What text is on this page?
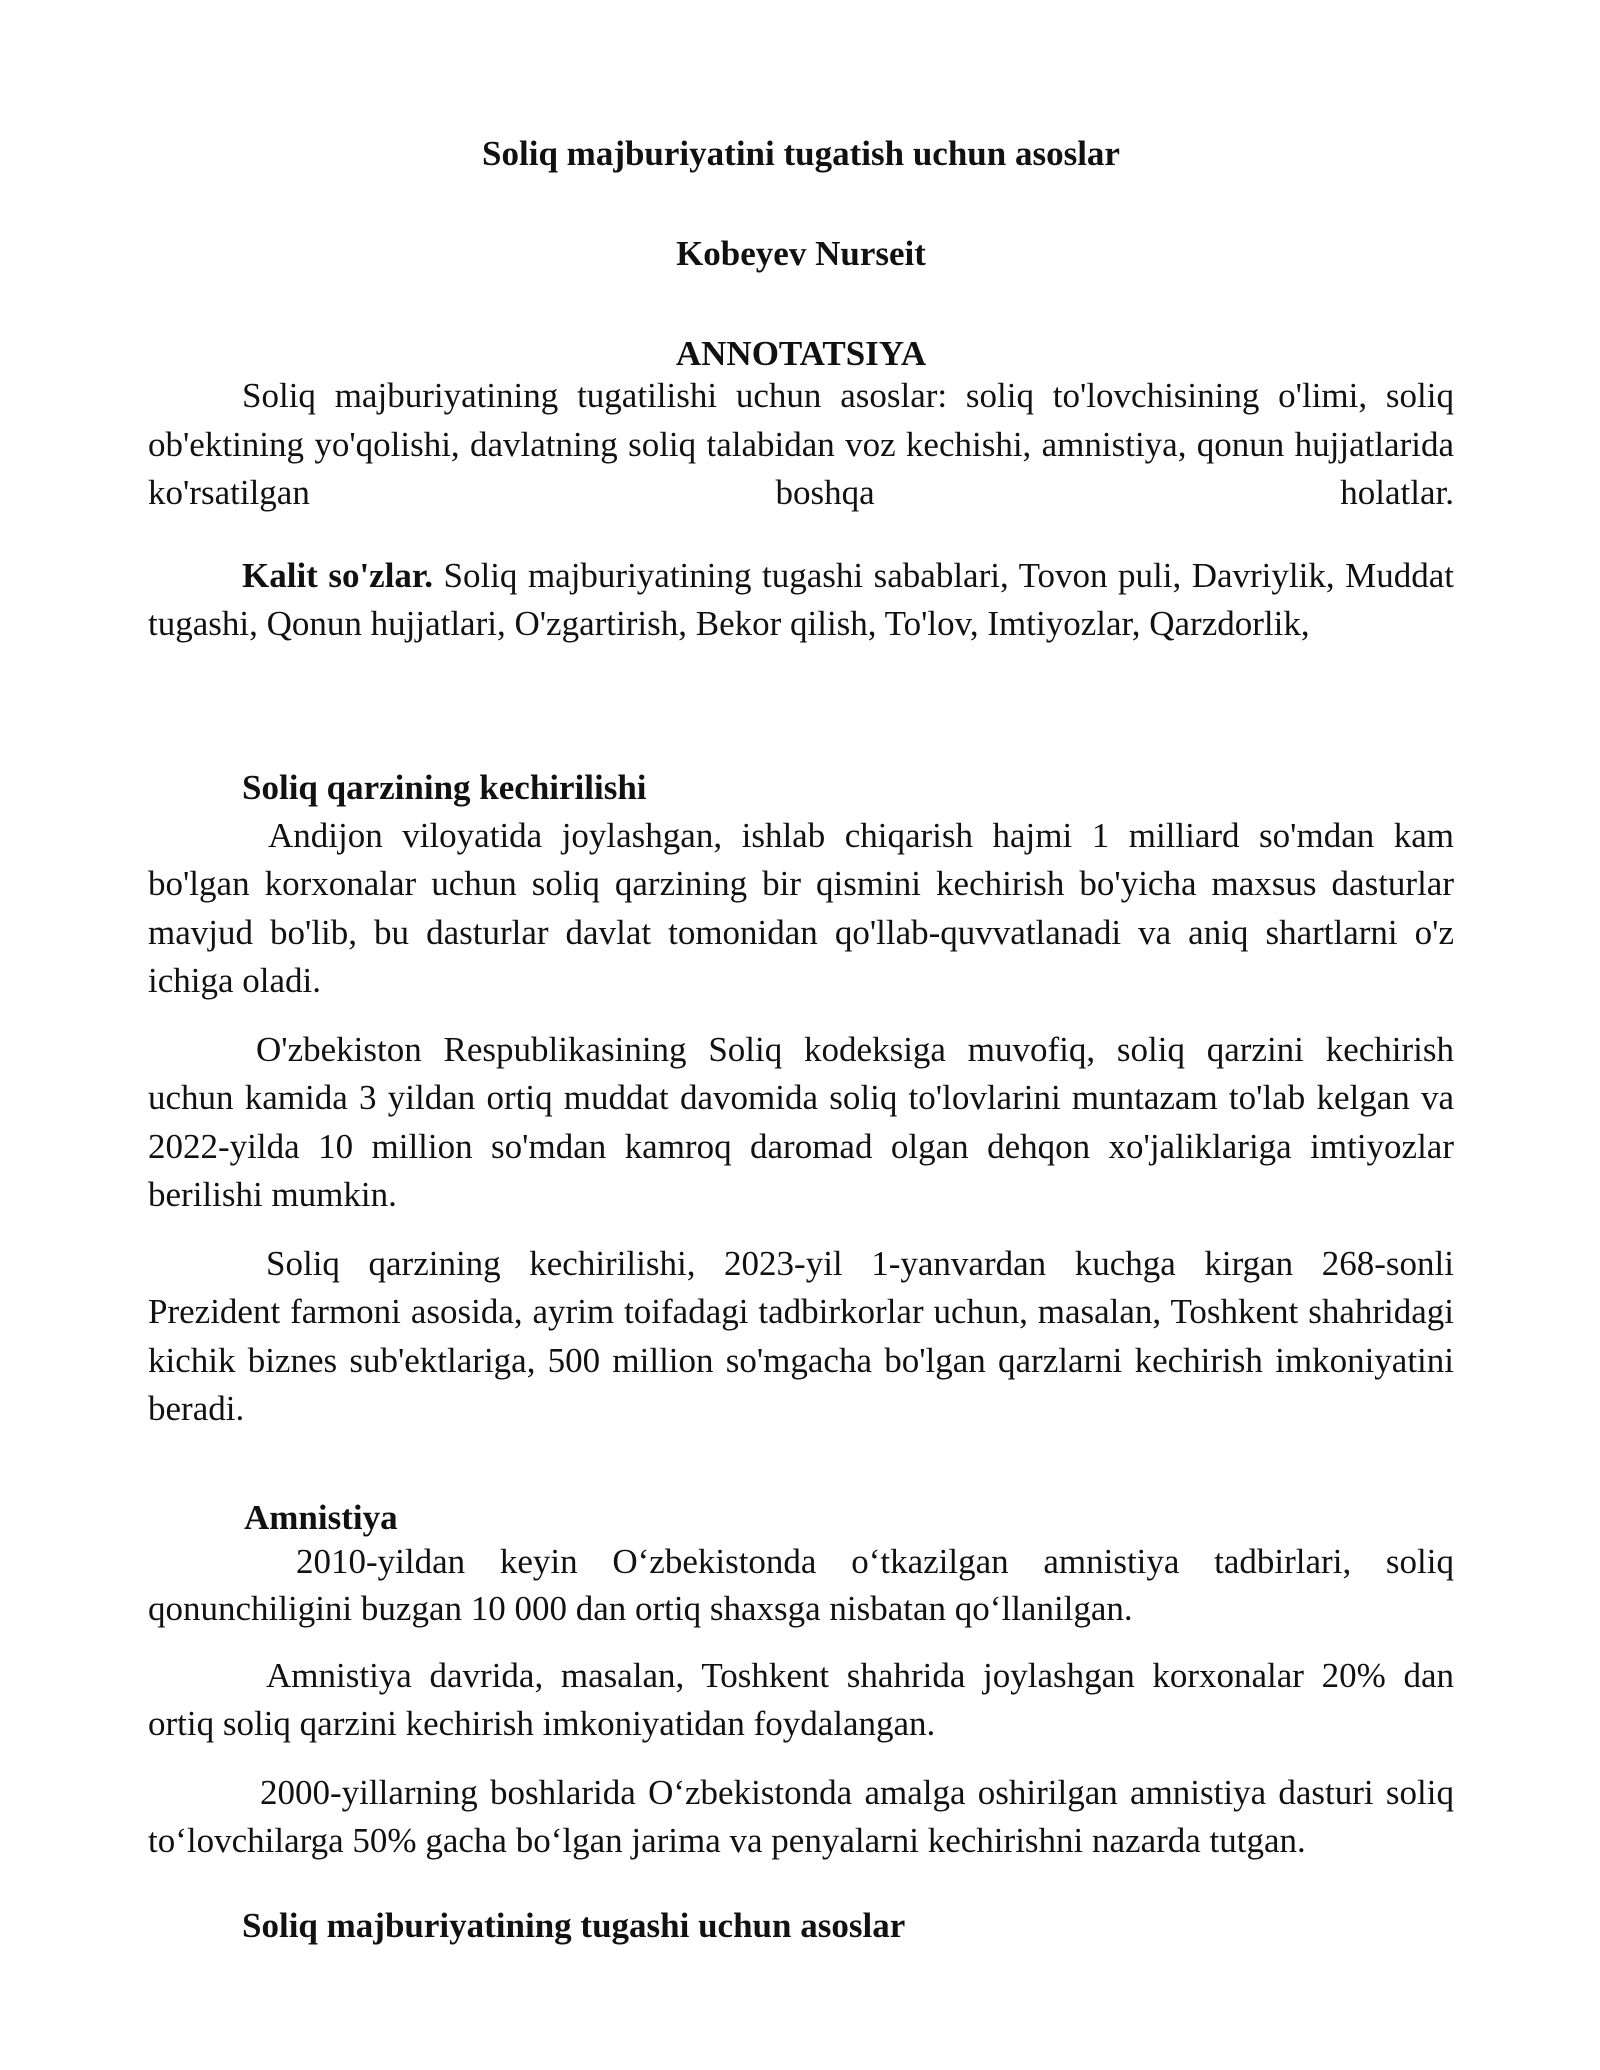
Soliq majburiyatini tugatish uchun asoslar
Kobeyev Nurseit
ANNOTATSIYA

Soliq majburiyatining tugatilishi uchun asoslar: soliq to'lovchisining o'limi, soliq ob'ektining yo'qolishi, davlatning soliq talabidan voz kechishi, amnistiya, qonun hujjatlarida ko'rsatilgan boshqa holatlar.

Kalit so'zlar. Soliq majburiyatining tugashi sabablari, Tovon puli, Davriylik, Muddat tugashi, Qonun hujjatlari, O'zgartirish, Bekor qilish, To'lov, Imtiyozlar, Qarzdorlik,

Soliq qarzining kechirilishi

Andijon viloyatida joylashgan, ishlab chiqarish hajmi 1 milliard so'mdan kam bo'lgan korxonalar uchun soliq qarzining bir qismini kechirish bo'yicha maxsus dasturlar mavjud bo'lib, bu dasturlar davlat tomonidan qo'llab-quvvatlanadi va aniq shartlarni o'z ichiga oladi.

O'zbekiston Respublikasining Soliq kodeksiga muvofiq, soliq qarzini kechirish uchun kamida 3 yildan ortiq muddat davomida soliq to'lovlarini muntazam to'lab kelgan va 2022-yilda 10 million so'mdan kamroq daromad olgan dehqon xo'jaliklariga imtiyozlar berilishi mumkin.

Soliq qarzining kechirilishi, 2023-yil 1-yanvardan kuchga kirgan 268-sonli Prezident farmoni asosida, ayrim toifadagi tadbirkorlar uchun, masalan, Toshkent shahridagi kichik biznes sub'ektlariga, 500 million so'mgacha bo'lgan qarzlarni kechirish imkoniyatini beradi.

Amnistiya

2010-yildan keyin O‘zbekistonda o‘tkazilgan amnistiya tadbirlari, soliq qonunchiligini buzgan 10 000 dan ortiq shaxsga nisbatan qo‘llanilgan.

Amnistiya davrida, masalan, Toshkent shahrida joylashgan korxonalar 20% dan ortiq soliq qarzini kechirish imkoniyatidan foydalangan.

2000-yillarning boshlarida O‘zbekistonda amalga oshirilgan amnistiya dasturi soliq to‘lovchilarga 50% gacha bo‘lgan jarima va penyalarni kechirishni nazarda tutgan.

Soliq majburiyatining tugashi uchun asoslar
